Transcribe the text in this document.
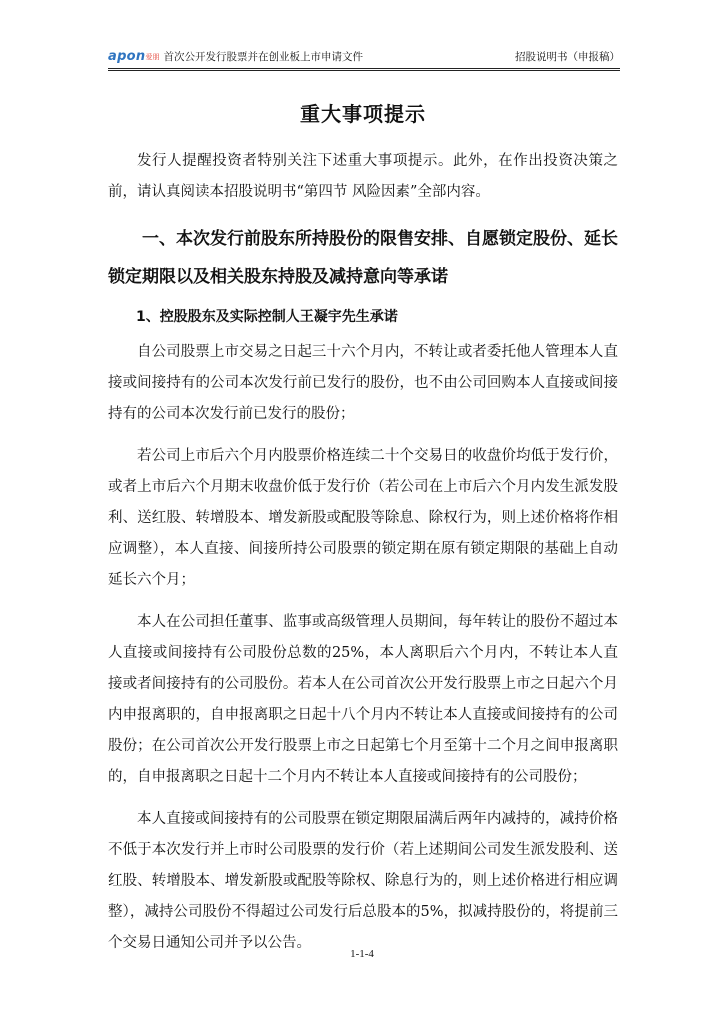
apon爱朋 首次公开发行股票并在创业板上市申请文件	招股说明书（申报稿）
重大事项提示

发行人提醒投资者特别关注下述重大事项提示。此外，在作出投资决策之前，请认真阅读本招股说明书“第四节 风险因素”全部内容。

一、本次发行前股东所持股份的限售安排、自愿锁定股份、延长锁定期限以及相关股东持股及减持意向等承诺

1、控股股东及实际控制人王凝宇先生承诺

自公司股票上市交易之日起三十六个月内，不转让或者委托他人管理本人直接或间接持有的公司本次发行前已发行的股份，也不由公司回购本人直接或间接持有的公司本次发行前已发行的股份；

若公司上市后六个月内股票价格连续二十个交易日的收盘价均低于发行价，或者上市后六个月期末收盘价低于发行价（若公司在上市后六个月内发生派发股利、送红股、转增股本、增发新股或配股等除息、除权行为，则上述价格将作相应调整），本人直接、间接所持公司股票的锁定期在原有锁定期限的基础上自动延长六个月；

本人在公司担任董事、监事或高级管理人员期间，每年转让的股份不超过本人直接或间接持有公司股份总数的25%，本人离职后六个月内，不转让本人直接或者间接持有的公司股份。若本人在公司首次公开发行股票上市之日起六个月内申报离职的，自申报离职之日起十八个月内不转让本人直接或间接持有的公司股份；在公司首次公开发行股票上市之日起第七个月至第十二个月之间申报离职的，自申报离职之日起十二个月内不转让本人直接或间接持有的公司股份；

本人直接或间接持有的公司股票在锁定期限届满后两年内减持的，减持价格不低于本次发行并上市时公司股票的发行价（若上述期间公司发生派发股利、送红股、转增股本、增发新股或配股等除权、除息行为的，则上述价格进行相应调整），减持公司股份不得超过公司发行后总股本的5%，拟减持股份的，将提前三个交易日通知公司并予以公告。

1-1-4
